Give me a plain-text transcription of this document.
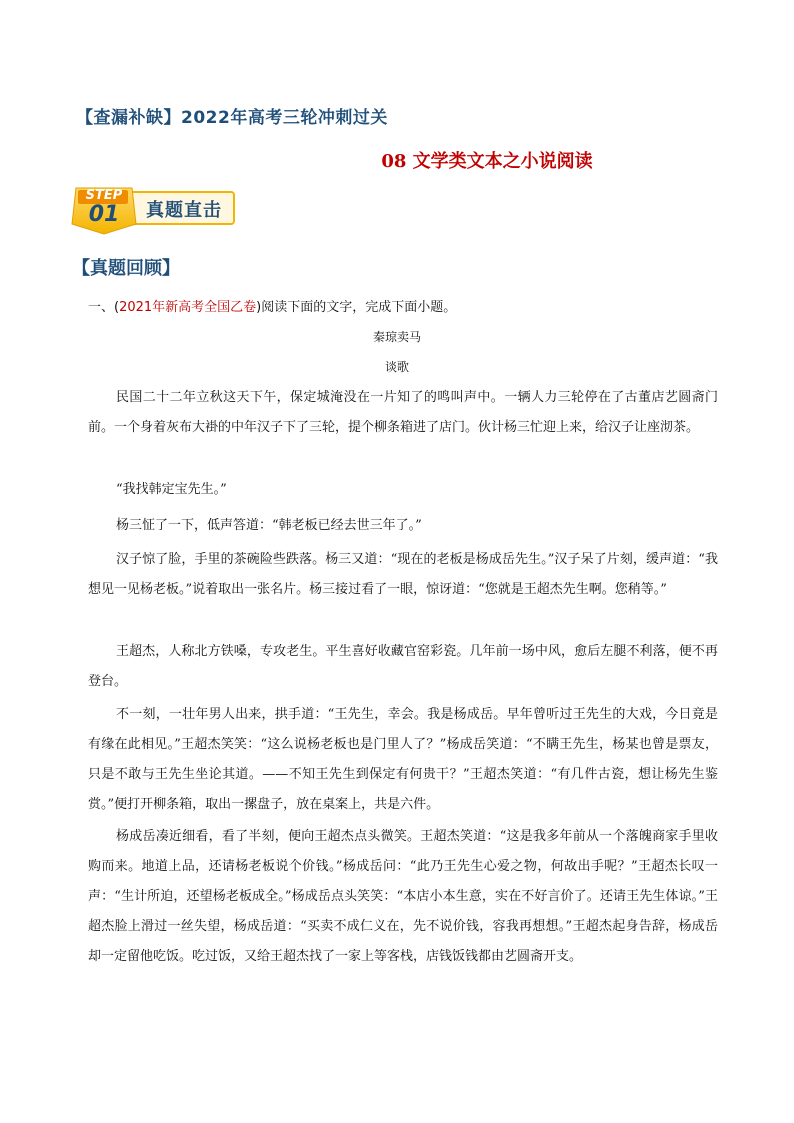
【查漏补缺】2022年高考三轮冲刺过关
08 文学类文本之小说阅读
STEP
01	真题直击
【真题回顾】
一、(2021年新高考全国乙卷)阅读下面的文字，完成下面小题。
秦琼卖马
谈歌

民国二十二年立秋这天下午，保定城淹没在一片知了的鸣叫声中。一辆人力三轮停在了古董店艺圆斋门前。一个身着灰布大褂的中年汉子下了三轮，提个柳条箱进了店门。伙计杨三忙迎上来，给汉子让座沏茶。

“我找韩定宝先生。”

杨三怔了一下，低声答道：“韩老板已经去世三年了。”

汉子惊了脸，手里的茶碗险些跌落。杨三又道：“现在的老板是杨成岳先生。”汉子呆了片刻，缓声道：“我想见一见杨老板。”说着取出一张名片。杨三接过看了一眼，惊讶道：“您就是王超杰先生啊。您稍等。”

王超杰，人称北方铁嗓，专攻老生。平生喜好收藏官窑彩瓷。几年前一场中风，愈后左腿不利落，便不再登台。

不一刻，一壮年男人出来，拱手道：“王先生，幸会。我是杨成岳。早年曾听过王先生的大戏，今日竟是有缘在此相见。”王超杰笑笑：“这么说杨老板也是门里人了？”杨成岳笑道：“不瞒王先生，杨某也曾是票友，只是不敢与王先生坐论其道。——不知王先生到保定有何贵干？”王超杰笑道：“有几件古瓷，想让杨先生鉴赏。”便打开柳条箱，取出一摞盘子，放在桌案上，共是六件。

杨成岳凑近细看，看了半刻，便向王超杰点头微笑。王超杰笑道：“这是我多年前从一个落魄商家手里收购而来。地道上品，还请杨老板说个价钱。”杨成岳问：“此乃王先生心爱之物，何故出手呢？”王超杰长叹一声：“生计所迫，还望杨老板成全。”杨成岳点头笑笑：“本店小本生意，实在不好言价了。还请王先生体谅。”王超杰脸上滑过一丝失望，杨成岳道：“买卖不成仁义在，先不说价钱，容我再想想。”王超杰起身告辞，杨成岳却一定留他吃饭。吃过饭，又给王超杰找了一家上等客栈，店钱饭钱都由艺圆斋开支。
